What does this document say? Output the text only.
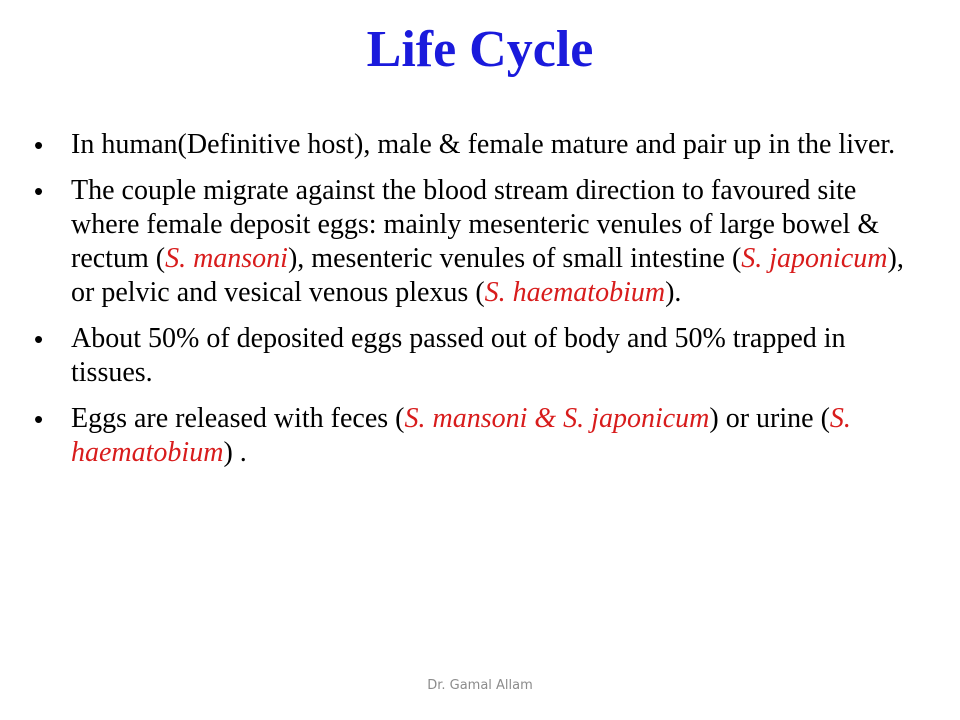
Life Cycle
• In human(Definitive host), male & female mature and pair up in the liver.
• The couple migrate against the blood stream direction to favoured site where female deposit eggs: mainly mesenteric venules of large bowel & rectum (S. mansoni), mesenteric venules of small intestine (S. japonicum), or pelvic and vesical venous plexus (S. haematobium).
• About 50% of deposited eggs passed out of body and 50% trapped in tissues.
• Eggs are released with feces (S. mansoni & S. japonicum) or urine (S. haematobium) .
Dr. Gamal Allam
